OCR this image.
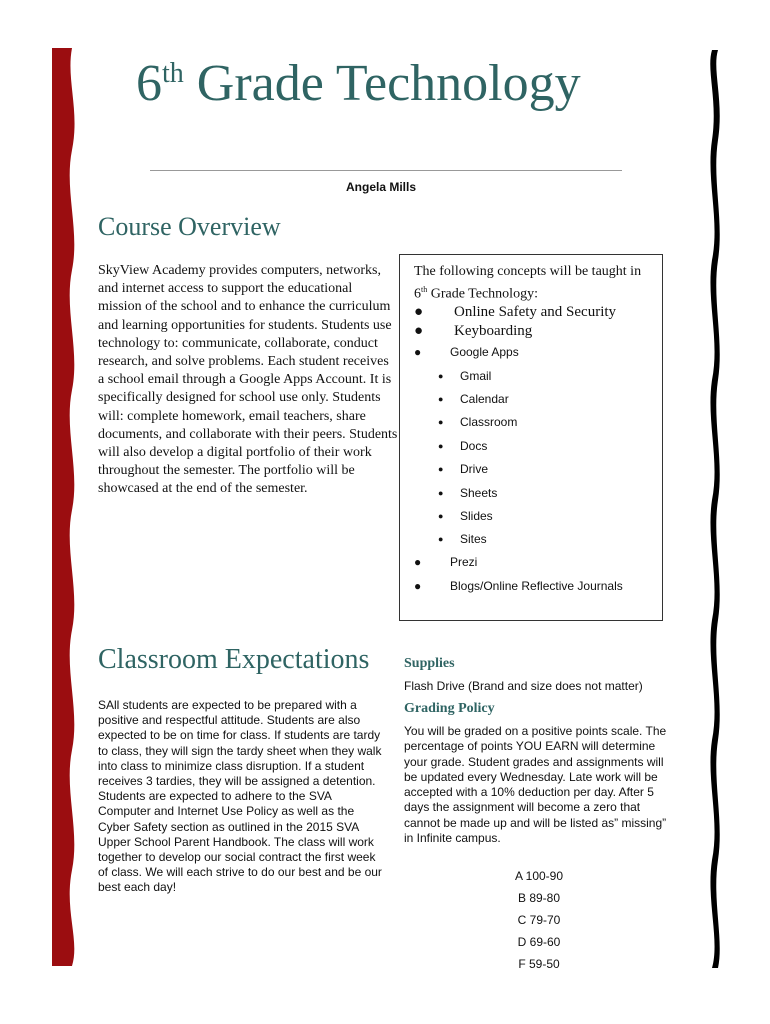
6th Grade Technology
Angela Mills
Course Overview
SkyView Academy provides computers, networks, and internet access to support the educational mission of the school and to enhance the curriculum and learning opportunities for students. Students use technology to: communicate, collaborate, conduct research, and solve problems. Each student receives a school email through a Google Apps Account. It is specifically designed for school use only. Students will: complete homework, email teachers, share documents, and collaborate with their peers. Students will also develop a digital portfolio of their work throughout the semester. The portfolio will be showcased at the end of the semester.
The following concepts will be taught in
6th Grade Technology:
● Online Safety and Security
● Keyboarding
● Google Apps
● Gmail
● Calendar
● Classroom
● Docs
● Drive
● Sheets
● Slides
● Sites
● Prezi
● Blogs/Online Reflective Journals
Classroom Expectations
SAll students are expected to be prepared with a positive and respectful attitude. Students are also expected to be on time for class. If students are tardy to class, they will sign the tardy sheet when they walk into class to minimize class disruption. If a student receives 3 tardies, they will be assigned a detention. Students are expected to adhere to the SVA Computer and Internet Use Policy as well as the Cyber Safety section as outlined in the 2015 SVA Upper School Parent Handbook. The class will work together to develop our social contract the first week of class. We will each strive to do our best and be our best each day!
Supplies
Flash Drive (Brand and size does not matter)
Grading Policy
You will be graded on a positive points scale. The percentage of points YOU EARN will determine your grade. Student grades and assignments will be updated every Wednesday. Late work will be accepted with a 10% deduction per day. After 5 days the assignment will become a zero that cannot be made up and will be listed as” missing” in Infinite campus.
A 100-90
B 89-80
C 79-70
D 69-60
F 59-50
